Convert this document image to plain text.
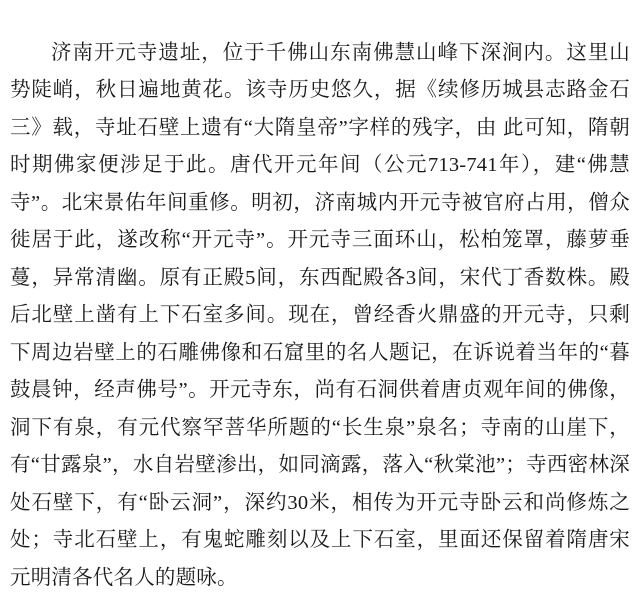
济南开元寺遗址，位于千佛山东南佛慧山峰下深涧内。这里山势陡峭，秋日遍地黄花。该寺历史悠久，据《续修历城县志路金石三》载，寺址石壁上遗有“大隋皇帝”字样的残字，由 此可知，隋朝时期佛家便涉足于此。唐代开元年间（公元713-741年），建“佛慧寺”。北宋景佑年间重修。明初，济南城内开元寺被官府占用，僧众徙居于此，遂改称“开元寺”。开元寺三面环山，松柏笼罩，藤萝垂蔓，异常清幽。原有正殿5间，东西配殿各3间，宋代丁香数株。殿后北壁上凿有上下石室多间。现在，曾经香火鼎盛的开元寺，只剩下周边岩壁上的石雕佛像和石窟里的名人题记，在诉说着当年的“暮鼓晨钟，经声佛号”。开元寺东，尚有石洞供着唐贞观年间的佛像，洞下有泉，有元代察罕菩华所题的“长生泉”泉名；寺南的山崖下，有“甘露泉”，水自岩壁渗出，如同滴露，落入“秋棠池”；寺西密林深处石壁下，有“卧云洞”，深约30米，相传为开元寺卧云和尚修炼之处；寺北石壁上，有鬼蛇雕刻以及上下石室，里面还保留着隋唐宋元明清各代名人的题咏。
